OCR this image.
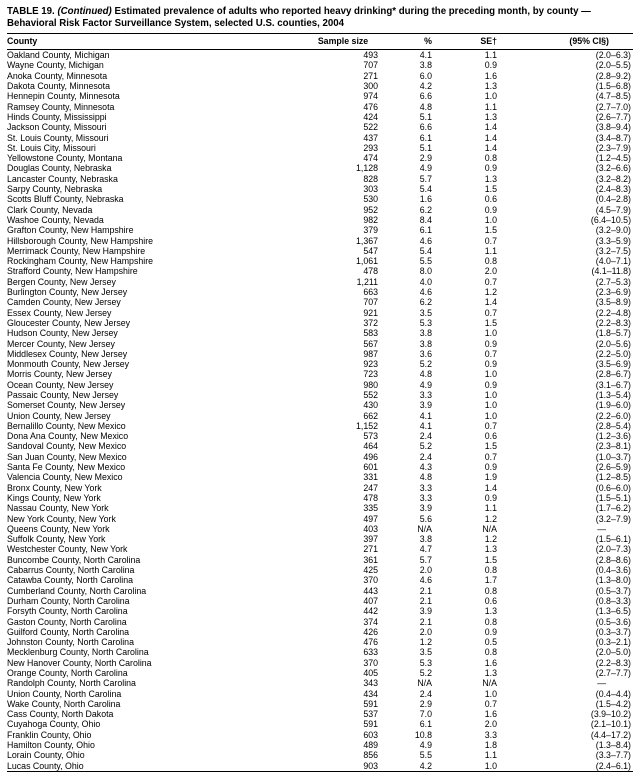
TABLE 19. (Continued) Estimated prevalence of adults who reported heavy drinking* during the preceding month, by county —
Behavioral Risk Factor Surveillance System, selected U.S. counties, 2004
County	Sample size	%	SE†	(95% CI§)
Oakland County, Michigan	493	4.1	1.1	(2.0–6.3)
Wayne County, Michigan	707	3.8	0.9	(2.0–5.5)
Anoka County, Minnesota	271	6.0	1.6	(2.8–9.2)
Dakota County, Minnesota	300	4.2	1.3	(1.5–6.8)
Hennepin County, Minnesota	974	6.6	1.0	(4.7–8.5)
Ramsey County, Minnesota	476	4.8	1.1	(2.7–7.0)
Hinds County, Mississippi	424	5.1	1.3	(2.6–7.7)
Jackson County, Missouri	522	6.6	1.4	(3.8–9.4)
St. Louis County, Missouri	437	6.1	1.4	(3.4–8.7)
St. Louis City, Missouri	293	5.1	1.4	(2.3–7.9)
Yellowstone County, Montana	474	2.9	0.8	(1.2–4.5)
Douglas County, Nebraska	1,128	4.9	0.9	(3.2–6.6)
Lancaster County, Nebraska	828	5.7	1.3	(3.2–8.2)
Sarpy County, Nebraska	303	5.4	1.5	(2.4–8.3)
Scotts Bluff County, Nebraska	530	1.6	0.6	(0.4–2.8)
Clark County, Nevada	952	6.2	0.9	(4.5–7.9)
Washoe County, Nevada	982	8.4	1.0	(6.4–10.5)
Grafton County, New Hampshire	379	6.1	1.5	(3.2–9.0)
Hillsborough County, New Hampshire	1,367	4.6	0.7	(3.3–5.9)
Merrimack County, New Hampshire	547	5.4	1.1	(3.2–7.5)
Rockingham County, New Hampshire	1,061	5.5	0.8	(4.0–7.1)
Strafford County, New Hampshire	478	8.0	2.0	(4.1–11.8)
Bergen County, New Jersey	1,211	4.0	0.7	(2.7–5.3)
Burlington County, New Jersey	663	4.6	1.2	(2.3–6.9)
Camden County, New Jersey	707	6.2	1.4	(3.5–8.9)
Essex County, New Jersey	921	3.5	0.7	(2.2–4.8)
Gloucester County, New Jersey	372	5.3	1.5	(2.2–8.3)
Hudson County, New Jersey	583	3.8	1.0	(1.8–5.7)
Mercer County, New Jersey	567	3.8	0.9	(2.0–5.6)
Middlesex County, New Jersey	987	3.6	0.7	(2.2–5.0)
Monmouth County, New Jersey	923	5.2	0.9	(3.5–6.9)
Morris County, New Jersey	723	4.8	1.0	(2.8–6.7)
Ocean County, New Jersey	980	4.9	0.9	(3.1–6.7)
Passaic County, New Jersey	552	3.3	1.0	(1.3–5.4)
Somerset County, New Jersey	430	3.9	1.0	(1.9–6.0)
Union County, New Jersey	662	4.1	1.0	(2.2–6.0)
Bernalillo County, New Mexico	1,152	4.1	0.7	(2.8–5.4)
Dona Ana County, New Mexico	573	2.4	0.6	(1.2–3.6)
Sandoval County, New Mexico	464	5.2	1.5	(2.3–8.1)
San Juan County, New Mexico	496	2.4	0.7	(1.0–3.7)
Santa Fe County, New Mexico	601	4.3	0.9	(2.6–5.9)
Valencia County, New Mexico	331	4.8	1.9	(1.2–8.5)
Bronx County, New York	247	3.3	1.4	(0.6–6.0)
Kings County, New York	478	3.3	0.9	(1.5–5.1)
Nassau County, New York	335	3.9	1.1	(1.7–6.2)
New York County, New York	497	5.6	1.2	(3.2–7.9)
Queens County, New York	403	N/A	N/A	—
Suffolk County, New York	397	3.8	1.2	(1.5–6.1)
Westchester County, New York	271	4.7	1.3	(2.0–7.3)
Buncombe County, North Carolina	361	5.7	1.5	(2.8–8.6)
Cabarrus County, North Carolina	425	2.0	0.8	(0.4–3.6)
Catawba County, North Carolina	370	4.6	1.7	(1.3–8.0)
Cumberland County, North Carolina	443	2.1	0.8	(0.5–3.7)
Durham County, North Carolina	407	2.1	0.6	(0.8–3.3)
Forsyth County, North Carolina	442	3.9	1.3	(1.3–6.5)
Gaston County, North Carolina	374	2.1	0.8	(0.5–3.6)
Guilford County, North Carolina	426	2.0	0.9	(0.3–3.7)
Johnston County, North Carolina	476	1.2	0.5	(0.3–2.1)
Mecklenburg County, North Carolina	633	3.5	0.8	(2.0–5.0)
New Hanover County, North Carolina	370	5.3	1.6	(2.2–8.3)
Orange County, North Carolina	405	5.2	1.3	(2.7–7.7)
Randolph County, North Carolina	343	N/A	N/A	—
Union County, North Carolina	434	2.4	1.0	(0.4–4.4)
Wake County, North Carolina	591	2.9	0.7	(1.5–4.2)
Cass County, North Dakota	537	7.0	1.6	(3.9–10.2)
Cuyahoga County, Ohio	591	6.1	2.0	(2.1–10.1)
Franklin County, Ohio	603	10.8	3.3	(4.4–17.2)
Hamilton County, Ohio	489	4.9	1.8	(1.3–8.4)
Lorain County, Ohio	856	5.5	1.1	(3.3–7.7)
Lucas County, Ohio	903	4.2	1.0	(2.4–6.1)
